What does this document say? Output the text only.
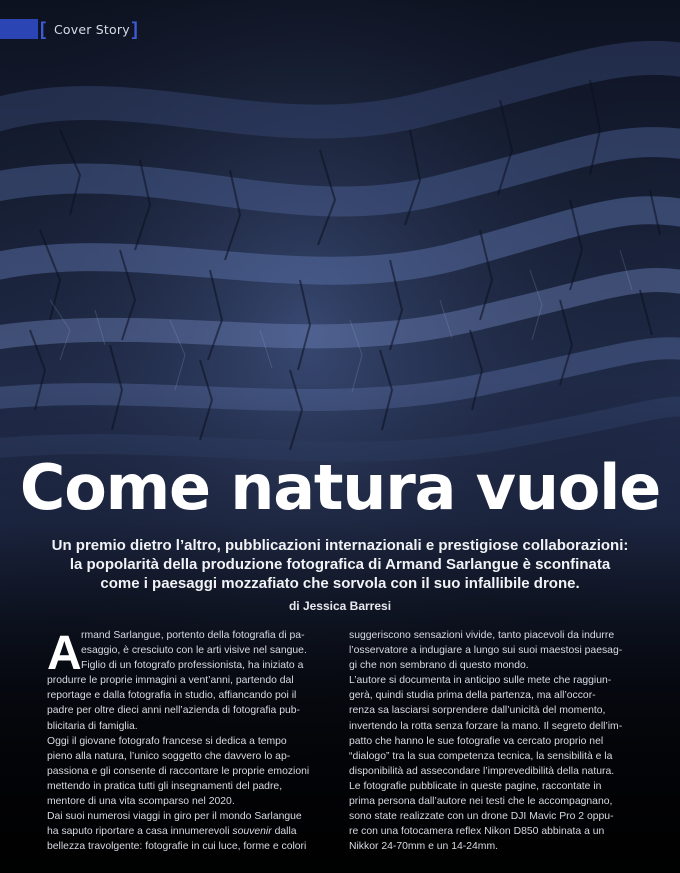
[ Cover Story ]
Come natura vuole

Un premio dietro l’altro, pubblicazioni internazionali e prestigiose collaborazioni:

la popolarità della produzione fotografica di Armand Sarlangue è sconfinata

come i paesaggi mozzafiato che sorvola con il suo infallibile drone.

di Jessica Barresi
A rmand Sarlangue, portento della fotografia di pa-

esaggio, è cresciuto con le arti visive nel sangue.

Figlio di un fotografo professionista, ha iniziato a

produrre le proprie immagini a vent’anni, partendo dal

reportage e dalla fotografia in studio, affiancando poi il

padre per oltre dieci anni nell’azienda di fotografia pub-

blicitaria di famiglia.

Oggi il giovane fotografo francese si dedica a tempo

pieno alla natura, l’unico soggetto che davvero lo ap-

passiona e gli consente di raccontare le proprie emozioni

mettendo in pratica tutti gli insegnamenti del padre,

mentore di una vita scomparso nel 2020.

Dai suoi numerosi viaggi in giro per il mondo Sarlangue

ha saputo riportare a casa innumerevoli souvenir dalla

bellezza travolgente: fotografie in cui luce, forme e colori

suggeriscono sensazioni vivide, tanto piacevoli da indurre

l’osservatore a indugiare a lungo sui suoi maestosi paesag-

gi che non sembrano di questo mondo.

L’autore si documenta in anticipo sulle mete che raggiun-

gerà, quindi studia prima della partenza, ma all’occor-

renza sa lasciarsi sorprendere dall’unicità del momento,

invertendo la rotta senza forzare la mano. Il segreto dell’im-

patto che hanno le sue fotografie va cercato proprio nel

“dialogo” tra la sua competenza tecnica, la sensibilità e la

disponibilità ad assecondare l’imprevedibilità della natura.

Le fotografie pubblicate in queste pagine, raccontate in

prima persona dall’autore nei testi che le accompagnano,

sono state realizzate con un drone DJI Mavic Pro 2 oppu-

re con una fotocamera reflex Nikon D850 abbinata a un

Nikkor 24-70mm e un 14-24mm.
